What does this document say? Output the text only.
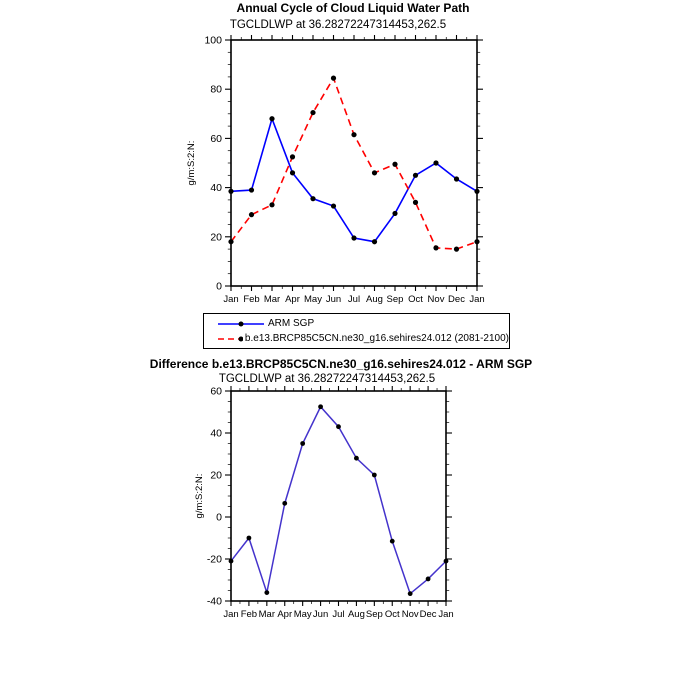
0
20
40
60
80
100
Jan Feb Mar Apr May Jun Jul Aug Sep Oct Nov Dec Jan
g/m:S:2:N:
-40
-20
0
20
40
60
Jan Feb Mar Apr May Jun Jul Aug Sep Oct Nov Dec Jan
g/m:S:2:N:
Annual Cycle of Cloud Liquid Water Path
TGCLDLWP at 36.28272247314453,262.5
ARM SGP
b.e13.BRCP85C5CN.ne30_g16.sehires24.012 (2081-2100)
Difference b.e13.BRCP85C5CN.ne30_g16.sehires24.012 - ARM SGP
TGCLDLWP at 36.28272247314453,262.5
